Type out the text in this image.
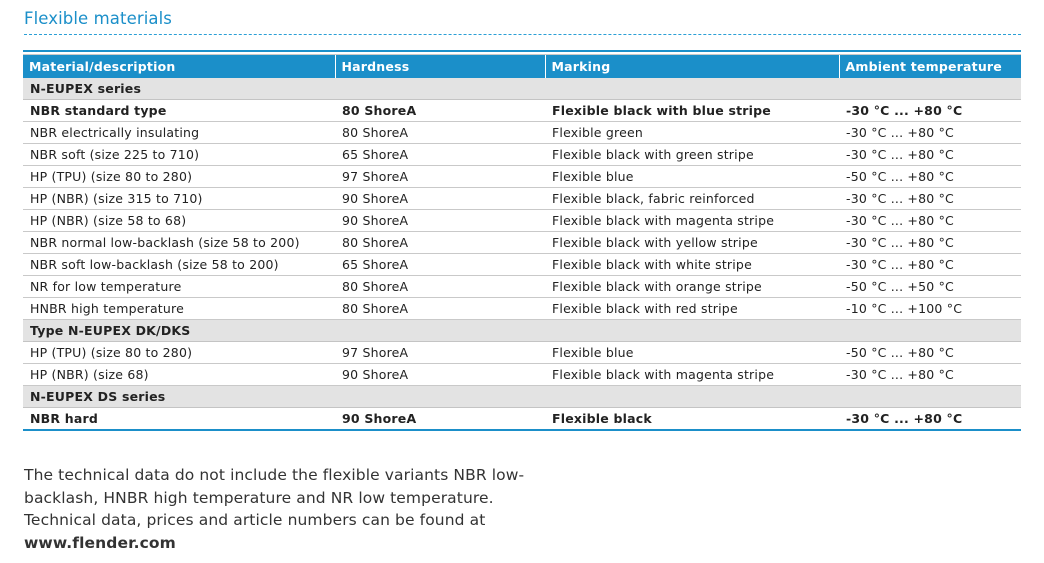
Flexible materials

Material/description	Hardness	Marking	Ambient temperature
N-EUPEX series			
NBR standard type	80 ShoreA	Flexible black with blue stripe	-30 °C ... +80 °C
NBR electrically insulating	80 ShoreA	Flexible green	-30 °C ... +80 °C
NBR soft (size 225 to 710)	65 ShoreA	Flexible black with green stripe	-30 °C ... +80 °C
HP (TPU) (size 80 to 280)	97 ShoreA	Flexible blue	-50 °C ... +80 °C
HP (NBR) (size 315 to 710)	90 ShoreA	Flexible black, fabric reinforced	-30 °C ... +80 °C
HP (NBR) (size 58 to 68)	90 ShoreA	Flexible black with magenta stripe	-30 °C ... +80 °C
NBR normal low-backlash (size 58 to 200)	80 ShoreA	Flexible black with yellow stripe	-30 °C ... +80 °C
NBR soft low-backlash (size 58 to 200)	65 ShoreA	Flexible black with white stripe	-30 °C ... +80 °C
NR for low temperature	80 ShoreA	Flexible black with orange stripe	-50 °C ... +50 °C
HNBR high temperature	80 ShoreA	Flexible black with red stripe	-10 °C ... +100 °C
Type N-EUPEX DK/DKS			
HP (TPU) (size 80 to 280)	97 ShoreA	Flexible blue	-50 °C ... +80 °C
HP (NBR) (size 68)	90 ShoreA	Flexible black with magenta stripe	-30 °C ... +80 °C
N-EUPEX DS series			
NBR hard	90 ShoreA	Flexible black	-30 °C ... +80 °C
The technical data do not include the flexible variants NBR low-backlash, HNBR high temperature and NR low temperature. Technical data, prices and article numbers can be found at www.flender.com
